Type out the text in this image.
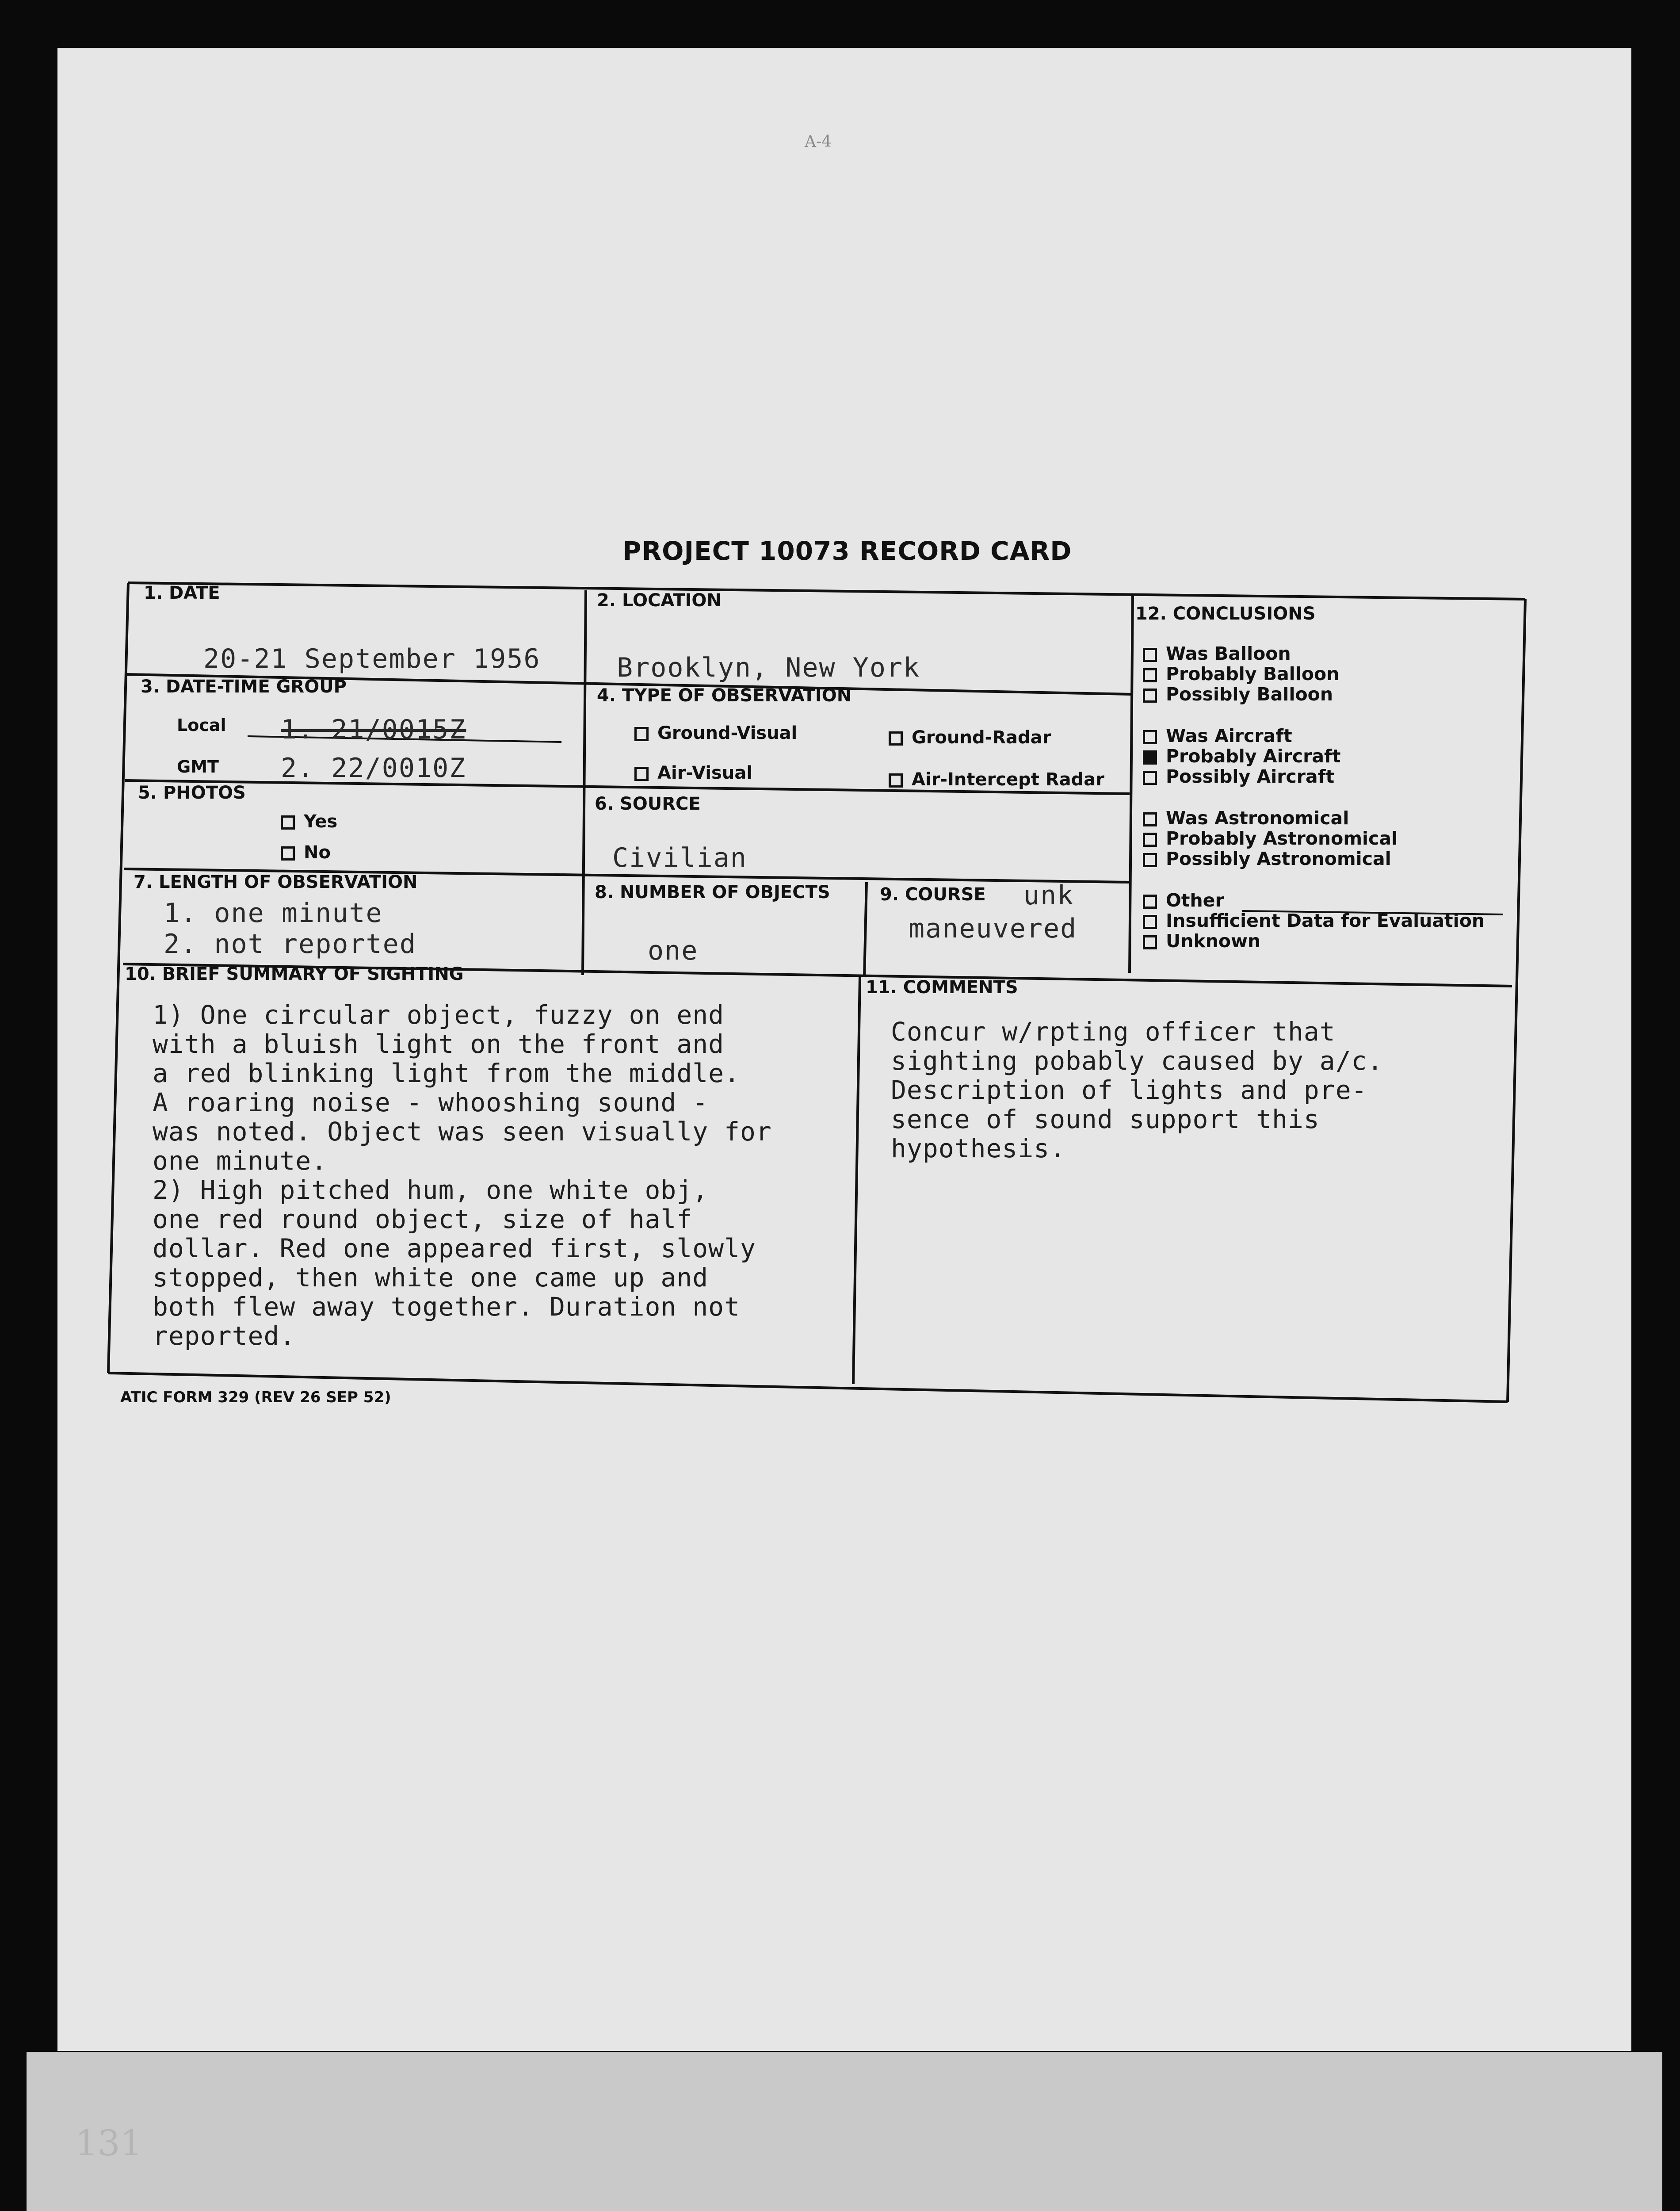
A-4
PROJECT 10073 RECORD CARD
1. DATE
20-21 September 1956
2. LOCATION
Brooklyn, New York
3. DATE-TIME GROUP
Local 1. 21/0015Z
GMT 2. 22/0010Z
4. TYPE OF OBSERVATION
Ground-Visual	Ground-Radar
Air-Visual	Air-Intercept Radar
5. PHOTOS
Yes
No
6. SOURCE
Civilian
7. LENGTH OF OBSERVATION
1. one minute
2. not reported
8. NUMBER OF OBJECTS
one
9. COURSE unk
maneuvered
10. BRIEF SUMMARY OF SIGHTING
1) One circular object, fuzzy on end
with a bluish light on the front and
a red blinking light from the middle.
A roaring noise - whooshing sound -
was noted. Object was seen visually for
one minute.
2) High pitched hum, one white obj,
one red round object, size of half
dollar. Red one appeared first, slowly
stopped, then white one came up and
both flew away together. Duration not
reported.
11. COMMENTS
Concur w/rpting officer that
sighting pobably caused by a/c.
Description of lights and pre-
sence of sound support this
hypothesis.
12. CONCLUSIONS
Was Balloon
Probably Balloon
Possibly Balloon
Was Aircraft
Probably Aircraft
Possibly Aircraft
Was Astronomical
Probably Astronomical
Possibly Astronomical
Other
Insufficient Data for Evaluation
Unknown
ATIC FORM 329 (REV 26 SEP 52)
131
